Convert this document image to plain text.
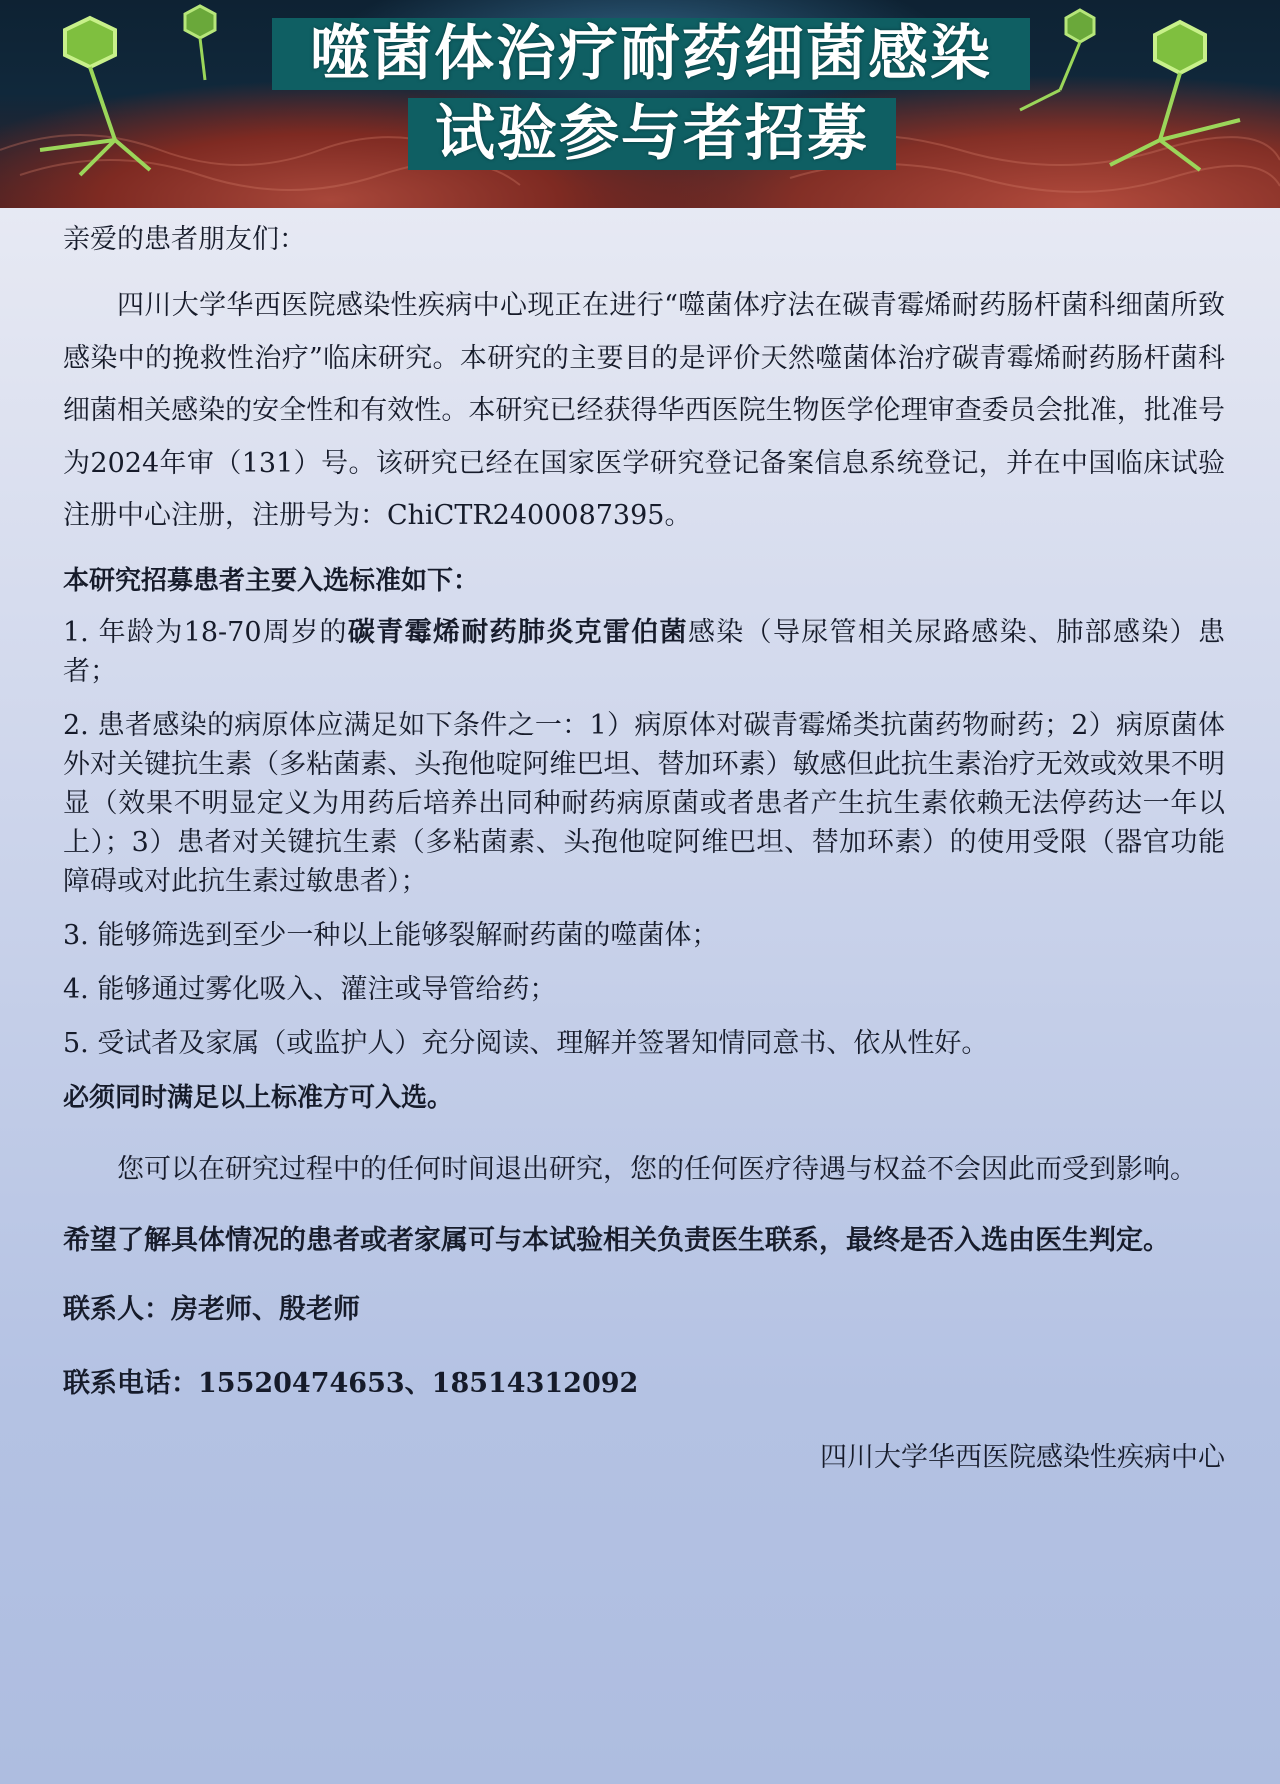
噬菌体治疗耐药细菌感染
试验参与者招募
亲爱的患者朋友们：
四川大学华西医院感染性疾病中心现正在进行“噬菌体疗法在碳青霉烯耐药肠杆菌科细菌所致感染中的挽救性治疗”临床研究。本研究的主要目的是评价天然噬菌体治疗碳青霉烯耐药肠杆菌科细菌相关感染的安全性和有效性。本研究已经获得华西医院生物医学伦理审查委员会批准，批准号为2024年审（131）号。该研究已经在国家医学研究登记备案信息系统登记，并在中国临床试验注册中心注册，注册号为：ChiCTR2400087395。
本研究招募患者主要入选标准如下：
1. 年龄为18-70周岁的碳青霉烯耐药肺炎克雷伯菌感染（导尿管相关尿路感染、肺部感染）患者；
2. 患者感染的病原体应满足如下条件之一：1）病原体对碳青霉烯类抗菌药物耐药；2）病原菌体外对关键抗生素（多粘菌素、头孢他啶阿维巴坦、替加环素）敏感但此抗生素治疗无效或效果不明显（效果不明显定义为用药后培养出同种耐药病原菌或者患者产生抗生素依赖无法停药达一年以上）；3）患者对关键抗生素（多粘菌素、头孢他啶阿维巴坦、替加环素）的使用受限（器官功能障碍或对此抗生素过敏患者）；
3. 能够筛选到至少一种以上能够裂解耐药菌的噬菌体；
4. 能够通过雾化吸入、灌注或导管给药；
5. 受试者及家属（或监护人）充分阅读、理解并签署知情同意书、依从性好。
必须同时满足以上标准方可入选。
您可以在研究过程中的任何时间退出研究，您的任何医疗待遇与权益不会因此而受到影响。
希望了解具体情况的患者或者家属可与本试验相关负责医生联系，最终是否入选由医生判定。
联系人：房老师、殷老师
联系电话：15520474653、18514312092
四川大学华西医院感染性疾病中心
